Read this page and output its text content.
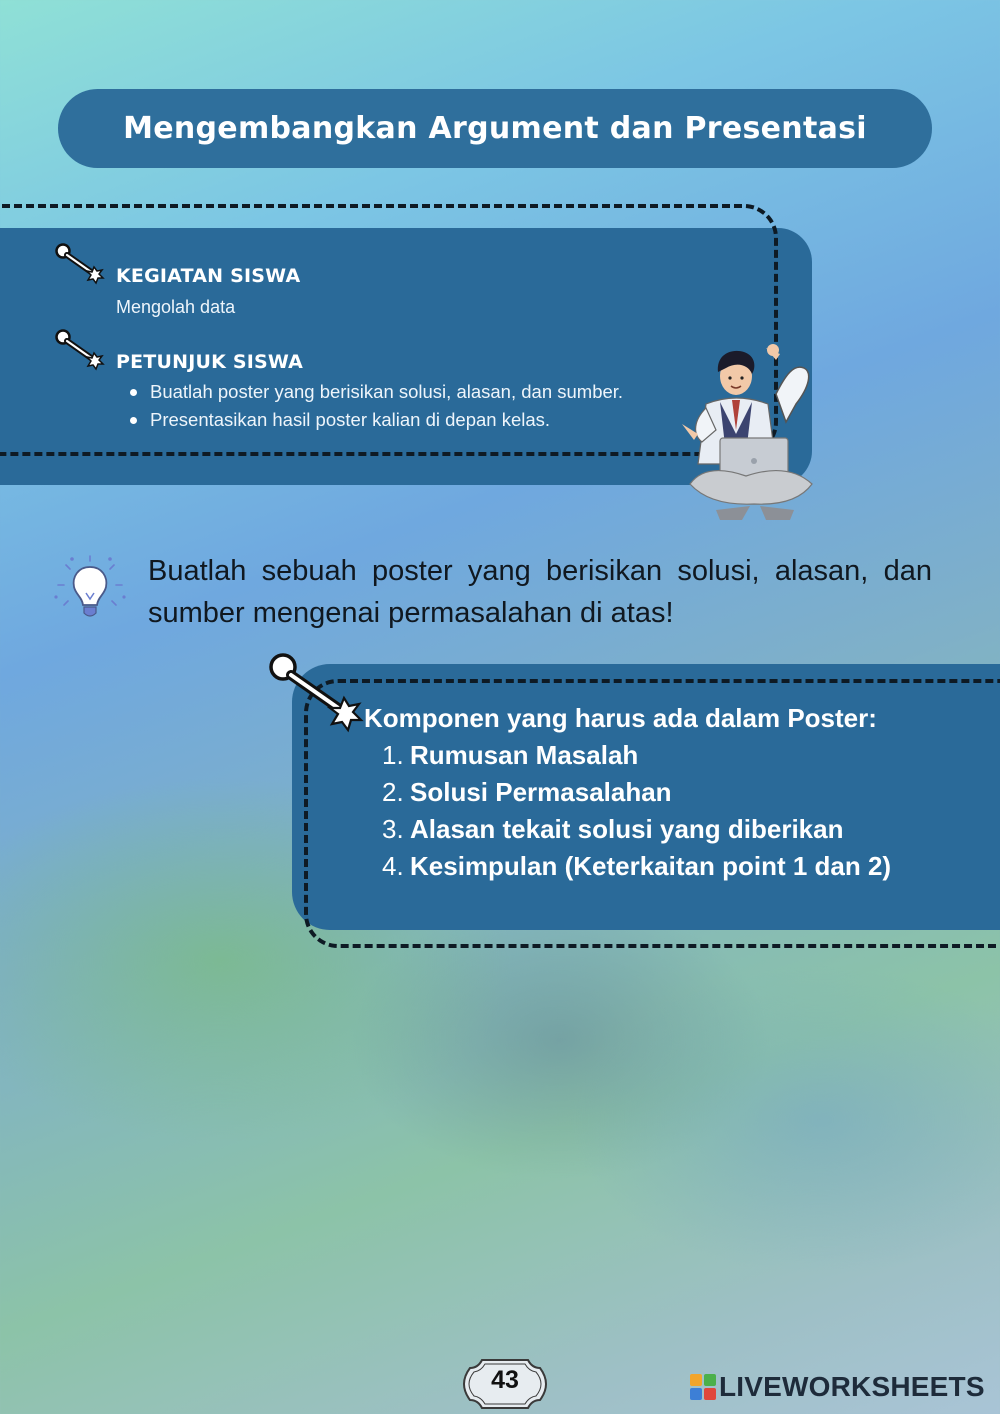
Mengembangkan Argument dan Presentasi
KEGIATAN SISWA
Mengolah data
PETUNJUK SISWA
Buatlah poster yang berisikan solusi, alasan, dan sumber.
Presentasikan hasil poster kalian di depan kelas.

Buatlah sebuah poster yang berisikan solusi, alasan, dan sumber mengenai permasalahan di atas!

Komponen yang harus ada dalam Poster:
1. Rumusan Masalah
2. Solusi Permasalahan
3. Alasan tekait solusi yang diberikan
4. Kesimpulan (Keterkaitan point 1 dan 2)
43	LIVEWORKSHEETS
